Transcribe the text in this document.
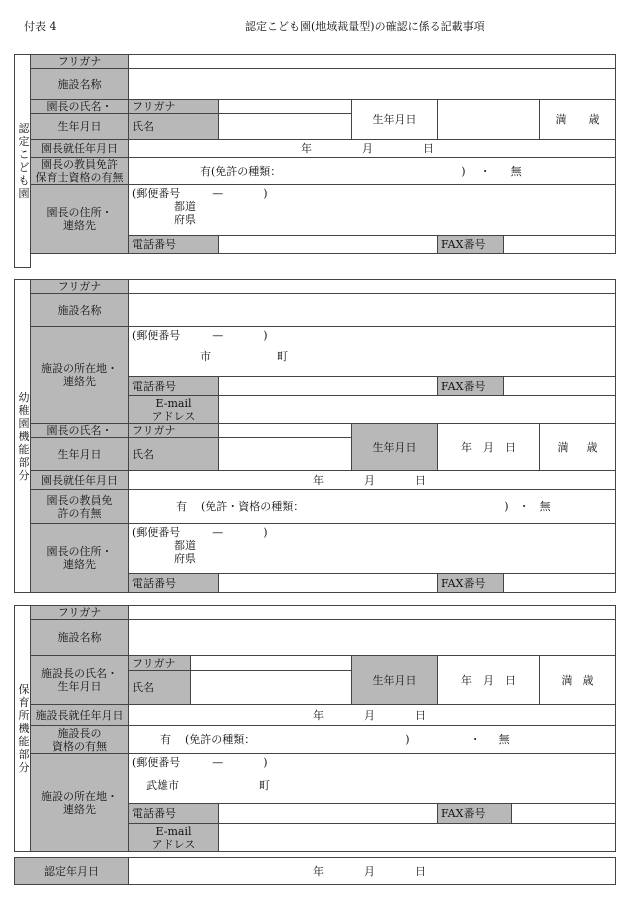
付表 4	認定こども園(地域裁量型)の確認に係る記載事項
認定こども園	フリガナ						
	施設名称						
	園長の氏名・	フリガナ		生年月日			満 歳
	生年月日	氏名					
	園長就任年月日	年 月 日					

	園長の教員免許
保育士資格の有無	有(免許の種類： ) ・ 無					

	園長の住所・
連絡先	(郵便番号 — )
都道
府県					

		電話番号			FAX番号		

幼稚園機能部分	フリガナ						
	施設名称						

	施設の所在地・
連絡先	(郵便番号 — )
市 町					

		電話番号			FAX番号		

		E-mail
アドレス					

	園長の氏名・	フリガナ		生年月日	年　月　日		満 歳
	生年月日	氏名					
	園長就任年月日	年 月 日					

	園長の教員免
許の有無	有 (免許・資格の種類： ) ・ 無					

	園長の住所・
連絡先	(郵便番号 — )
都道
府県					

		電話番号			FAX番号		
保育所機能部分	フリガナ							
	施設名称							

	施設長の氏名・
生年月日	フリガナ			生年月日	年　月　日		満 歳
		氏名						
	施設長就任年月日	年 月 日						

	施設長の
資格の有無	有 (免許の種類： ) ・ 無						

	施設の所在地・
連絡先	(郵便番号 — )
武雄市 町						

		電話番号				FAX番号		

		E-mail
アドレス						

認定年月日	年	月	日
